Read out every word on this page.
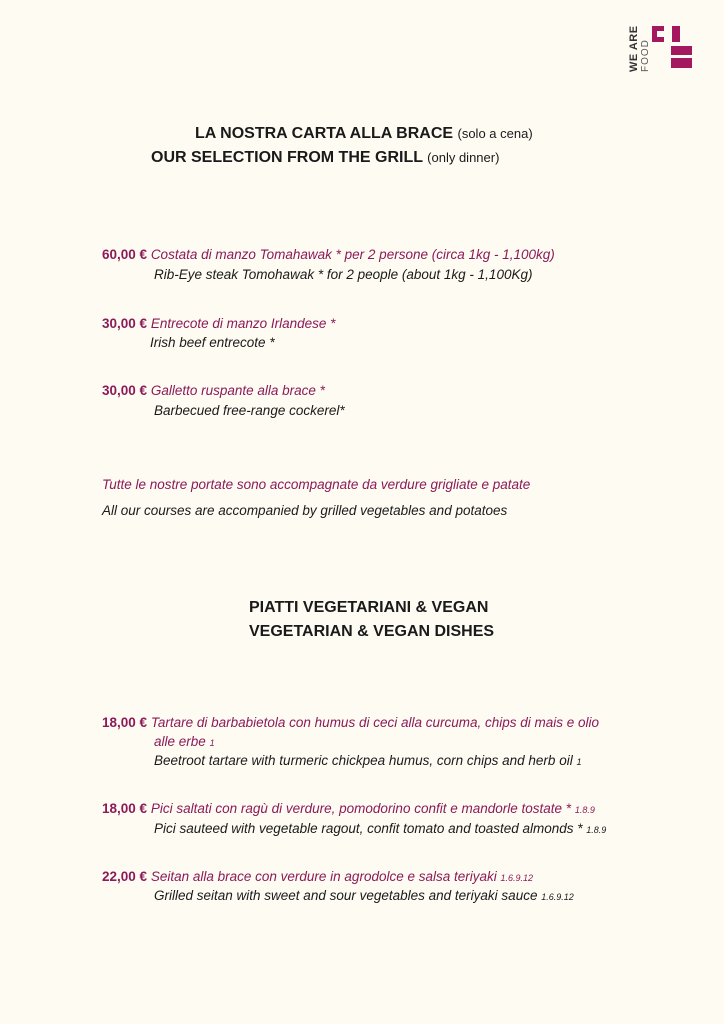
WE ARE FOOD
LA NOSTRA CARTA ALLA BRACE (solo a cena)
OUR SELECTION FROM THE GRILL (only dinner)
60,00 € Costata di manzo Tomahawak * per 2 persone (circa 1kg - 1,100kg)
Rib-Eye steak Tomohawak * for 2 people (about 1kg - 1,100Kg)
30,00 € Entrecote di manzo Irlandese *
Irish beef entrecote *
30,00 € Galletto ruspante alla brace *
Barbecued free-range cockerel*
Tutte le nostre portate sono accompagnate da verdure grigliate e patate
All our courses are accompanied by grilled vegetables and potatoes
PIATTI VEGETARIANI & VEGAN
VEGETARIAN & VEGAN DISHES
18,00 € Tartare di barbabietola con humus di ceci alla curcuma, chips di mais e olio
alle erbe 1
Beetroot tartare with turmeric chickpea humus, corn chips and herb oil 1
18,00 € Pici saltati con ragù di verdure, pomodorino confit e mandorle tostate * 1.8.9
Pici sauteed with vegetable ragout, confit tomato and toasted almonds * 1.8.9
22,00 € Seitan alla brace con verdure in agrodolce e salsa teriyaki 1.6.9.12
Grilled seitan with sweet and sour vegetables and teriyaki sauce 1.6.9.12
